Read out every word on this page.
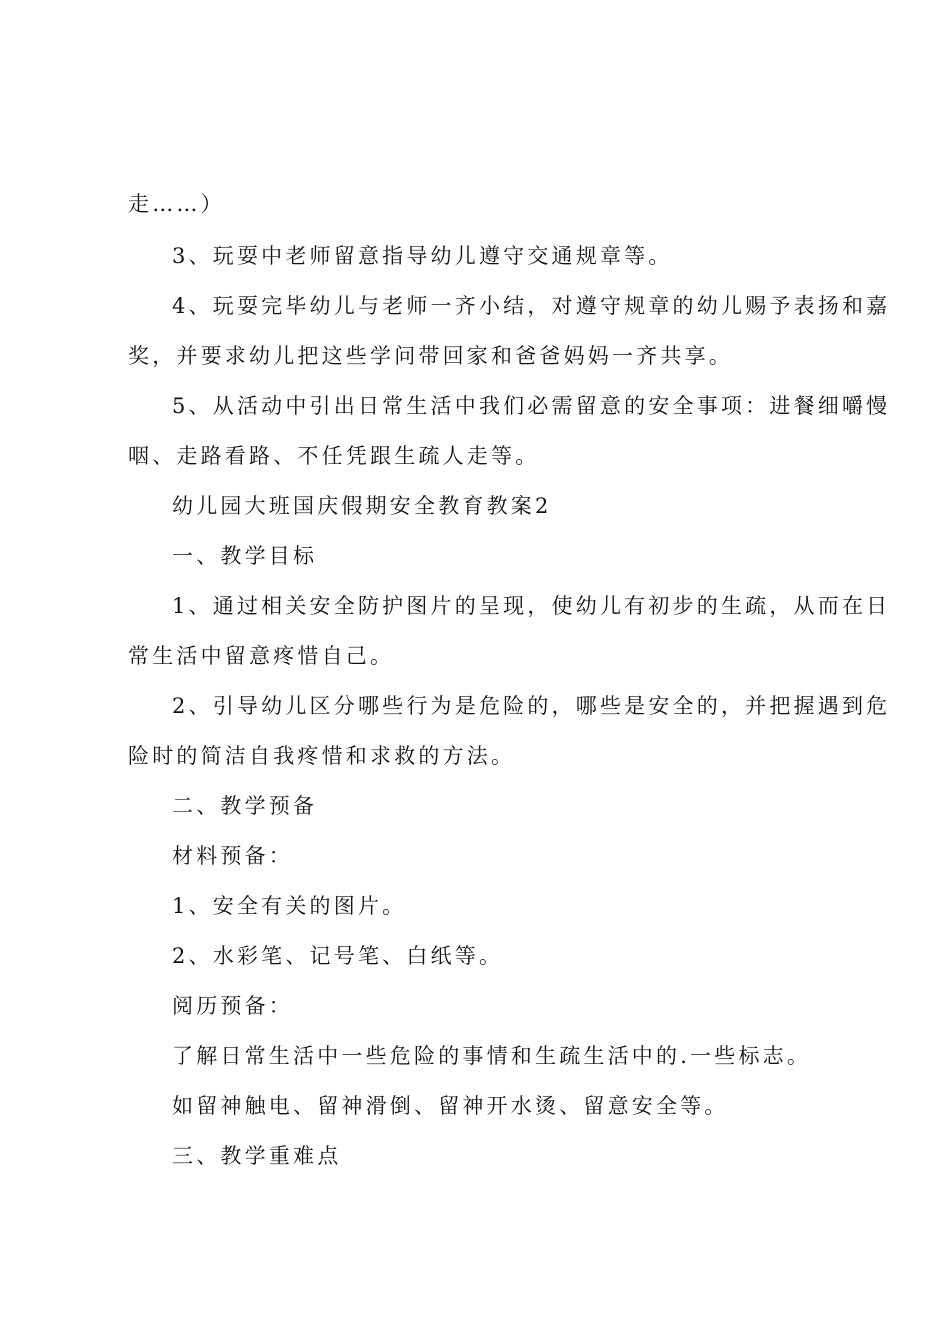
走……）
3、玩耍中老师留意指导幼儿遵守交通规章等。
4、玩耍完毕幼儿与老师一齐小结，对遵守规章的幼儿赐予表扬和嘉
奖，并要求幼儿把这些学问带回家和爸爸妈妈一齐共享。
5、从活动中引出日常生活中我们必需留意的安全事项：进餐细嚼慢
咽、走路看路、不任凭跟生疏人走等。
幼儿园大班国庆假期安全教育教案2
一、教学目标
1、通过相关安全防护图片的呈现，使幼儿有初步的生疏，从而在日
常生活中留意疼惜自己。
2、引导幼儿区分哪些行为是危险的，哪些是安全的，并把握遇到危
险时的简洁自我疼惜和求救的方法。
二、教学预备
材料预备：
1、安全有关的图片。
2、水彩笔、记号笔、白纸等。
阅历预备：
了解日常生活中一些危险的事情和生疏生活中的.一些标志。
如留神触电、留神滑倒、留神开水烫、留意安全等。
三、教学重难点
